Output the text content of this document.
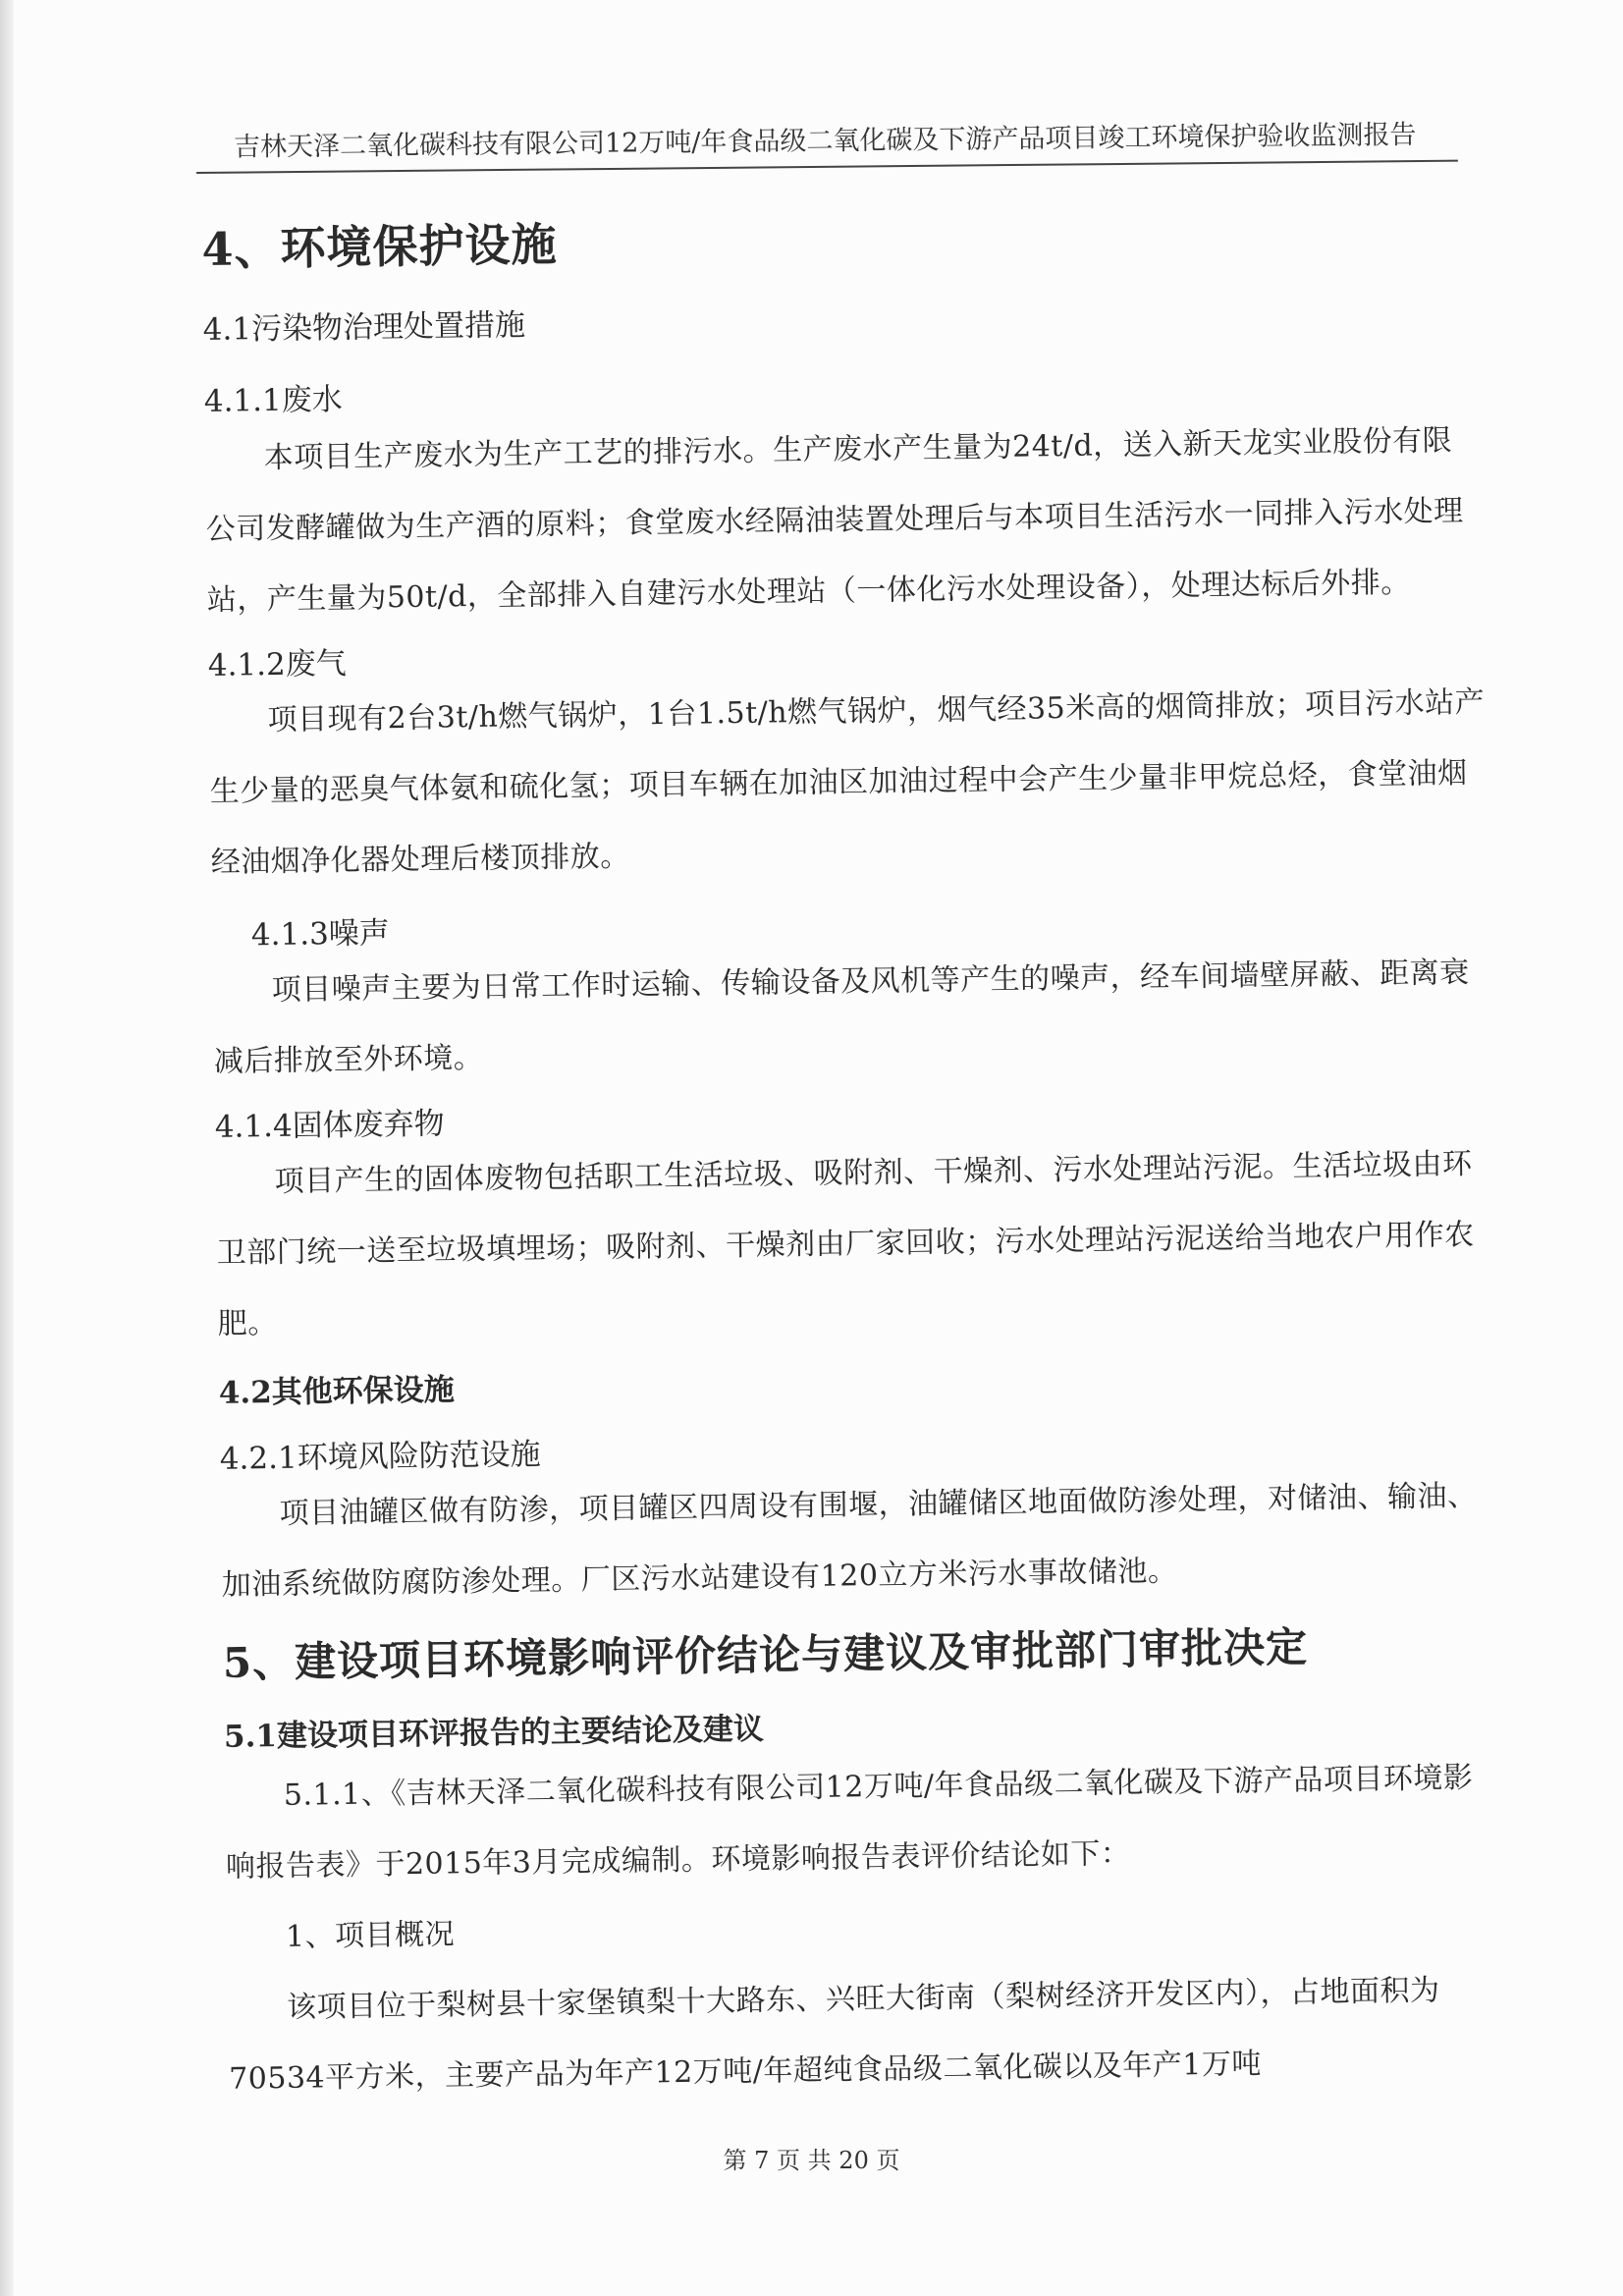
吉林天泽二氧化碳科技有限公司12万吨/年食品级二氧化碳及下游产品项目竣工环境保护验收监测报告

4、环境保护设施

4.1污染物治理处置措施

4.1.1废水

本项目生产废水为生产工艺的排污水。生产废水产生量为24t/d，送入新天龙实业股份有限公司发酵罐做为生产酒的原料；食堂废水经隔油装置处理后与本项目生活污水一同排入污水处理站，产生量为50t/d，全部排入自建污水处理站（一体化污水处理设备），处理达标后外排。

4.1.2废气

项目现有2台3t/h燃气锅炉，1台1.5t/h燃气锅炉，烟气经35米高的烟筒排放；项目污水站产生少量的恶臭气体氨和硫化氢；项目车辆在加油区加油过程中会产生少量非甲烷总烃，食堂油烟经油烟净化器处理后楼顶排放。

4.1.3噪声

项目噪声主要为日常工作时运输、传输设备及风机等产生的噪声，经车间墙壁屏蔽、距离衰减后排放至外环境。

4.1.4固体废弃物

项目产生的固体废物包括职工生活垃圾、吸附剂、干燥剂、污水处理站污泥。生活垃圾由环卫部门统一送至垃圾填埋场；吸附剂、干燥剂由厂家回收；污水处理站污泥送给当地农户用作农肥。

4.2其他环保设施

4.2.1环境风险防范设施

项目油罐区做有防渗，项目罐区四周设有围堰，油罐储区地面做防渗处理，对储油、输油、加油系统做防腐防渗处理。厂区污水站建设有120立方米污水事故储池。

5、建设项目环境影响评价结论与建议及审批部门审批决定

5.1建设项目环评报告的主要结论及建议

5.1.1、《吉林天泽二氧化碳科技有限公司12万吨/年食品级二氧化碳及下游产品项目环境影响报告表》于2015年3月完成编制。环境影响报告表评价结论如下：

1、项目概况

该项目位于梨树县十家堡镇梨十大路东、兴旺大街南（梨树经济开发区内），占地面积为70534平方米，主要产品为年产12万吨/年超纯食品级二氧化碳以及年产1万吨

第 7 页 共 20 页
